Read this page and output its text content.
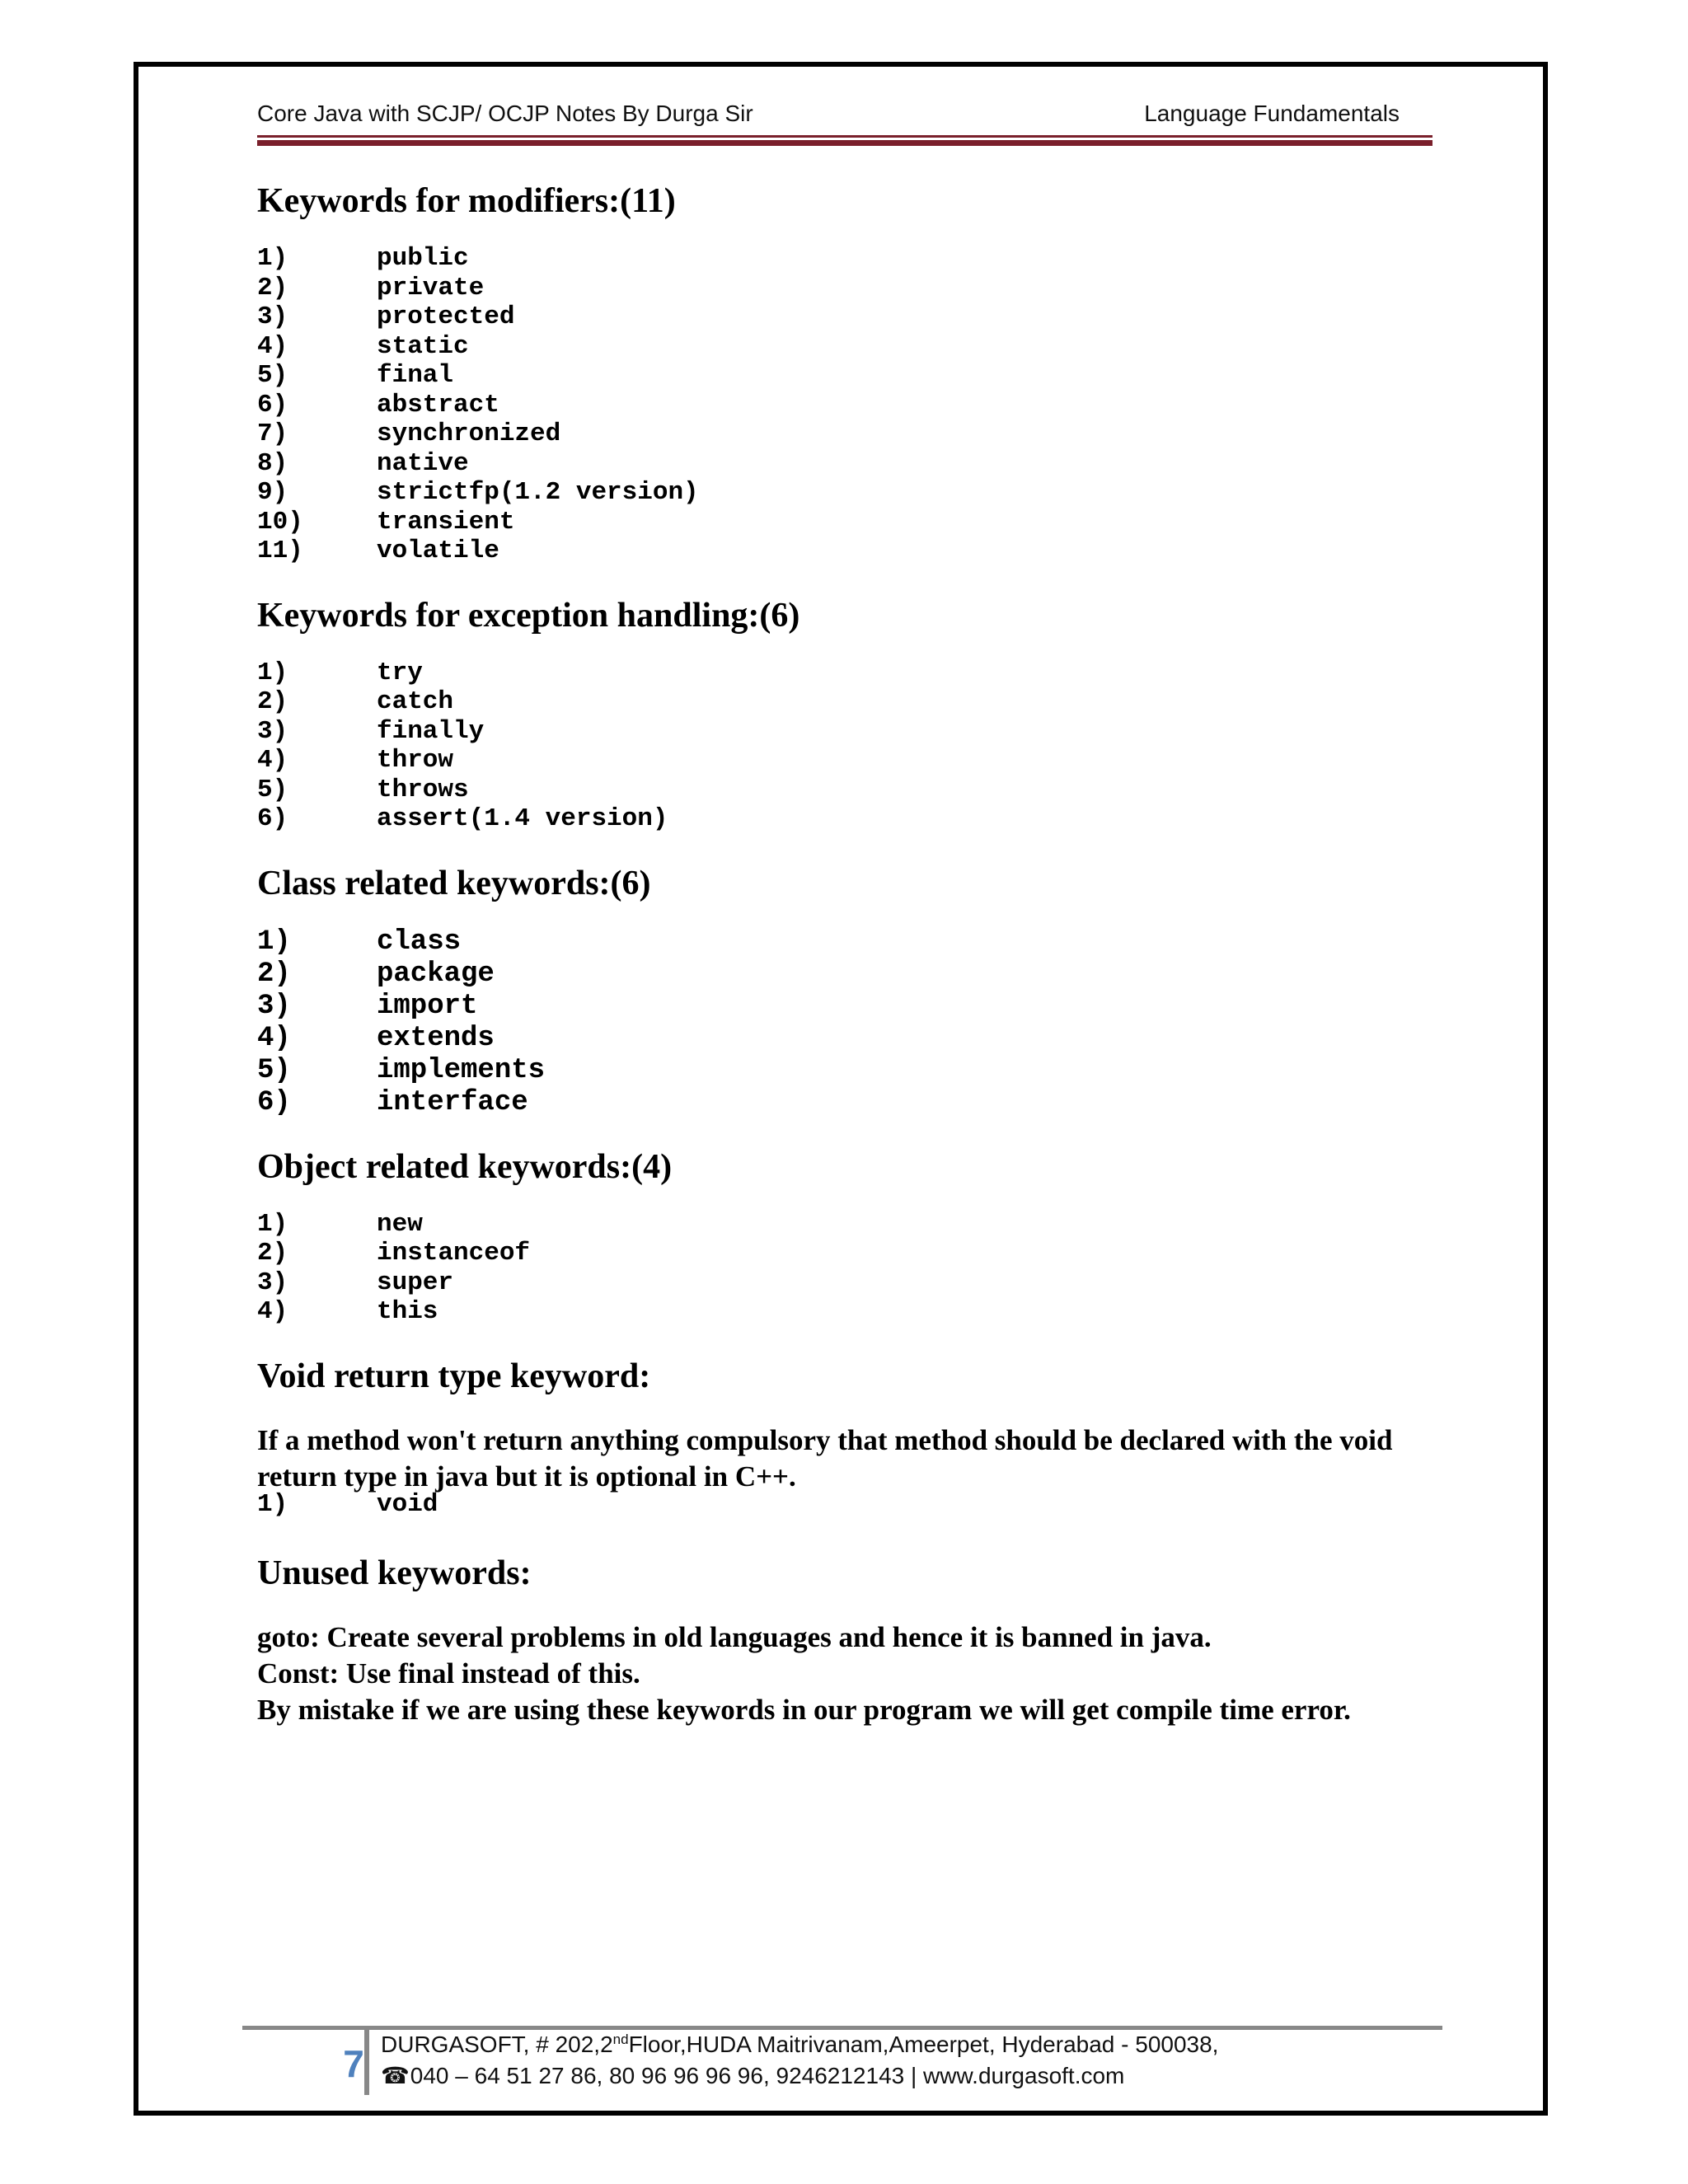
Core Java with SCJP/ OCJP Notes By Durga Sir	Language Fundamentals
Keywords for modifiers:(11)
1)	public
2)	private
3)	protected
4)	static
5)	final
6)	abstract
7)	synchronized
8)	native
9)	strictfp(1.2 version)
10)	transient
11)	volatile
Keywords for exception handling:(6)
1)	try
2)	catch
3)	finally
4)	throw
5)	throws
6)	assert(1.4 version)
Class related keywords:(6)
1)	class
2)	package
3)	import
4)	extends
5)	implements
6)	interface
Object related keywords:(4)
1)	new
2)	instanceof
3)	super
4)	this
Void return type keyword:

If a method won't return anything compulsory that method should be declared with the void return type in java but it is optional in C++.

1)	void
Unused keywords:

goto: Create several problems in old languages and hence it is banned in java.

Const: Use final instead of this.

By mistake if we are using these keywords in our program we will get compile time error.

7 DURGASOFT, # 202,2ndFloor,HUDA Maitrivanam,Ameerpet, Hyderabad - 500038,
☎ 040 – 64 51 27 86, 80 96 96 96 96, 9246212143 | www.durgasoft.com
